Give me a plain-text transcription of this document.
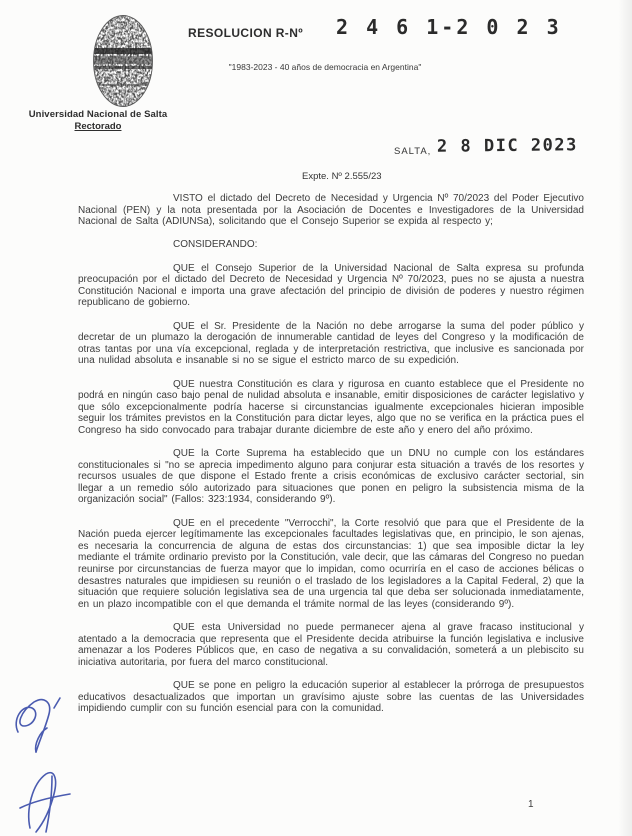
Universidad Nacional de Salta
Rectorado
RESOLUCION R-Nº 2 4 6 1-2 0 2 3
"1983-2023 - 40 años de democracia en Argentina"
SALTA, 2 8 DIC 2023
Expte. Nº 2.555/23

VISTO el dictado del Decreto de Necesidad y Urgencia Nº 70/2023 del Poder Ejecutivo Nacional (PEN) y la nota presentada por la Asociación de Docentes e Investigadores de la Universidad Nacional de Salta (ADIUNSa), solicitando que el Consejo Superior se expida al respecto y;

CONSIDERANDO:

QUE el Consejo Superior de la Universidad Nacional de Salta expresa su profunda preocupación por el dictado del Decreto de Necesidad y Urgencia Nº 70/2023, pues no se ajusta a nuestra Constitución Nacional e importa una grave afectación del principio de división de poderes y nuestro régimen republicano de gobierno.

QUE el Sr. Presidente de la Nación no debe arrogarse la suma del poder público y decretar de un plumazo la derogación de innumerable cantidad de leyes del Congreso y la modificación de otras tantas por una vía excepcional, reglada y de interpretación restrictiva, que inclusive es sancionada por una nulidad absoluta e insanable si no se sigue el estricto marco de su expedición.

QUE nuestra Constitución es clara y rigurosa en cuanto establece que el Presidente no podrá en ningún caso bajo penal de nulidad absoluta e insanable, emitir disposiciones de carácter legislativo y que sólo excepcionalmente podría hacerse si circunstancias igualmente excepcionales hicieran imposible seguir los trámites previstos en la Constitución para dictar leyes, algo que no se verifica en la práctica pues el Congreso ha sido convocado para trabajar durante diciembre de este año y enero del año próximo.

QUE la Corte Suprema ha establecido que un DNU no cumple con los estándares constitucionales si "no se aprecia impedimento alguno para conjurar esta situación a través de los resortes y recursos usuales de que dispone el Estado frente a crisis económicas de exclusivo carácter sectorial, sin llegar a un remedio sólo autorizado para situaciones que ponen en peligro la subsistencia misma de la organización social" (Fallos: 323:1934, considerando 9º).

QUE en el precedente "Verrocchi", la Corte resolvió que para que el Presidente de la Nación pueda ejercer legítimamente las excepcionales facultades legislativas que, en principio, le son ajenas, es necesaria la concurrencia de alguna de estas dos circunstancias: 1) que sea imposible dictar la ley mediante el trámite ordinario previsto por la Constitución, vale decir, que las cámaras del Congreso no puedan reunirse por circunstancias de fuerza mayor que lo impidan, como ocurriría en el caso de acciones bélicas o desastres naturales que impidiesen su reunión o el traslado de los legisladores a la Capital Federal, 2) que la situación que requiere solución legislativa sea de una urgencia tal que deba ser solucionada inmediatamente, en un plazo incompatible con el que demanda el trámite normal de las leyes (considerando 9º).

QUE esta Universidad no puede permanecer ajena al grave fracaso institucional y atentado a la democracia que representa que el Presidente decida atribuirse la función legislativa e inclusive amenazar a los Poderes Públicos que, en caso de negativa a su convalidación, someterá a un plebiscito su iniciativa autoritaria, por fuera del marco constitucional.

QUE se pone en peligro la educación superior al establecer la prórroga de presupuestos educativos desactualizados que importan un gravísimo ajuste sobre las cuentas de las Universidades impidiendo cumplir con su función esencial para con la comunidad.

1
